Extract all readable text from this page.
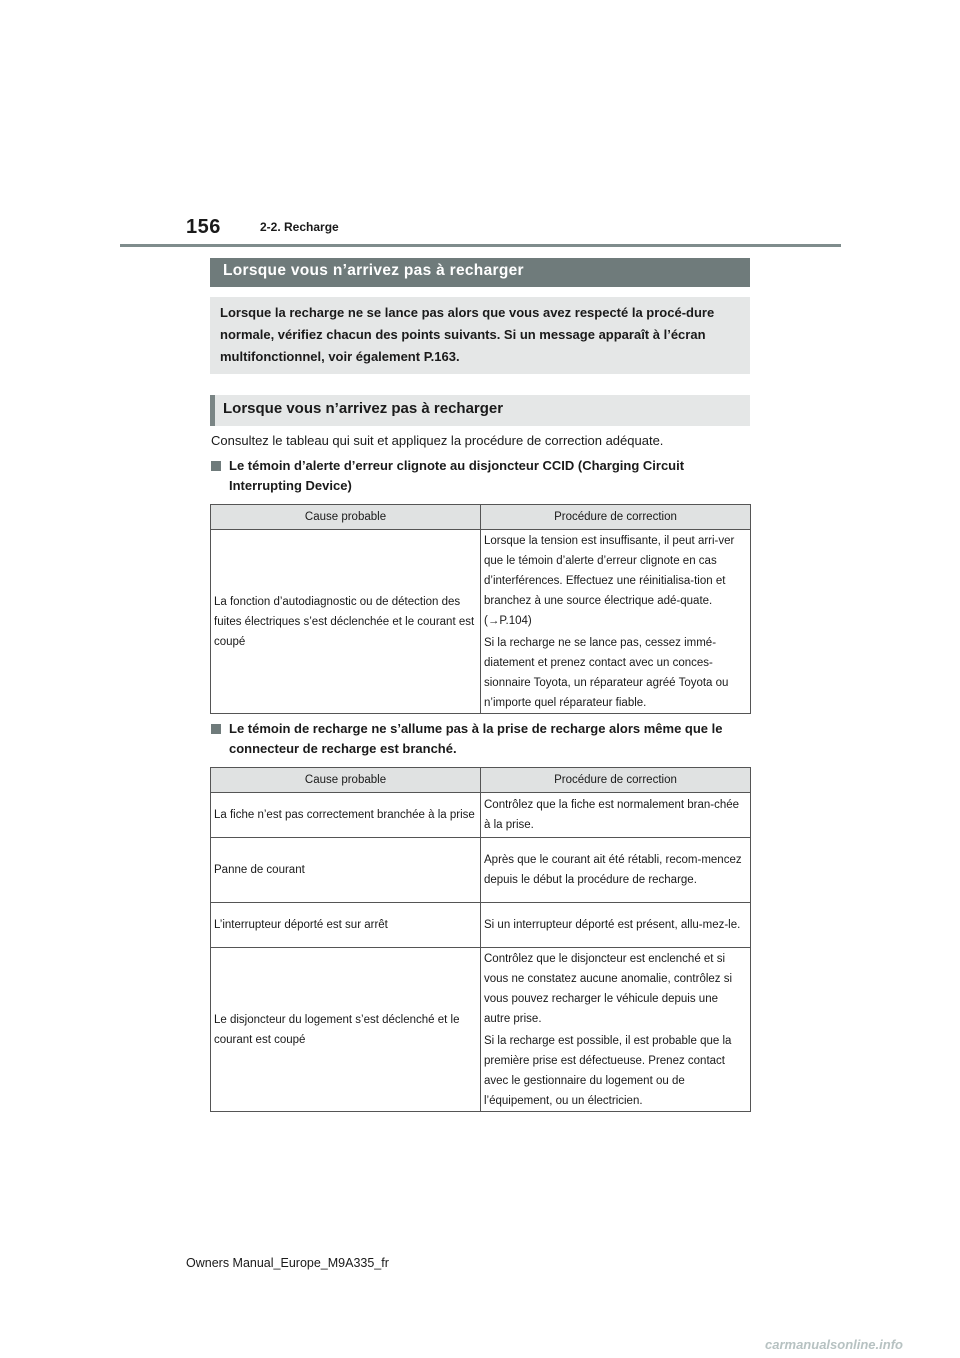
156	2-2. Recharge
Lorsque vous n’arrivez pas à recharger

Lorsque la recharge ne se lance pas alors que vous avez respecté la procé-dure normale, vérifiez chacun des points suivants. Si un message apparaît à l’écran multifonctionnel, voir également P.163.

Lorsque vous n’arrivez pas à recharger
Consultez le tableau qui suit et appliquez la procédure de correction adéquate.
Le témoin d’alerte d’erreur clignote au disjoncteur CCID (Charging Circuit Interrupting Device)
Cause probable	Procédure de correction
La fonction d’autodiagnostic ou de détection des fuites électriques s’est déclenchée et le courant est coupé	Lorsque la tension est insuffisante, il peut arri-ver que le témoin d’alerte d’erreur clignote en cas d’interférences. Effectuez une réinitialisa-tion et branchez à une source électrique adé-quate. (→P.104)

Si la recharge ne se lance pas, cessez immé-diatement et prenez contact avec un conces-sionnaire Toyota, un réparateur agréé Toyota ou n’importe quel réparateur fiable.

Le témoin de recharge ne s’allume pas à la prise de recharge alors même que le connecteur de recharge est branché.
Cause probable	Procédure de correction
La fiche n’est pas correctement branchée à la prise	Contrôlez que la fiche est normalement bran-chée à la prise.
Panne de courant	Après que le courant ait été rétabli, recom-mencez depuis le début la procédure de recharge.
L’interrupteur déporté est sur arrêt	Si un interrupteur déporté est présent, allu-mez-le.
Le disjoncteur du logement s’est déclenché et le courant est coupé	Contrôlez que le disjoncteur est enclenché et si vous ne constatez aucune anomalie, contrôlez si vous pouvez recharger le véhicule depuis une autre prise.

Si la recharge est possible, il est probable que la première prise est défectueuse. Prenez contact avec le gestionnaire du logement ou de l’équipement, ou un électricien.

Owners Manual_Europe_M9A335_fr
carmanualsonline.info
